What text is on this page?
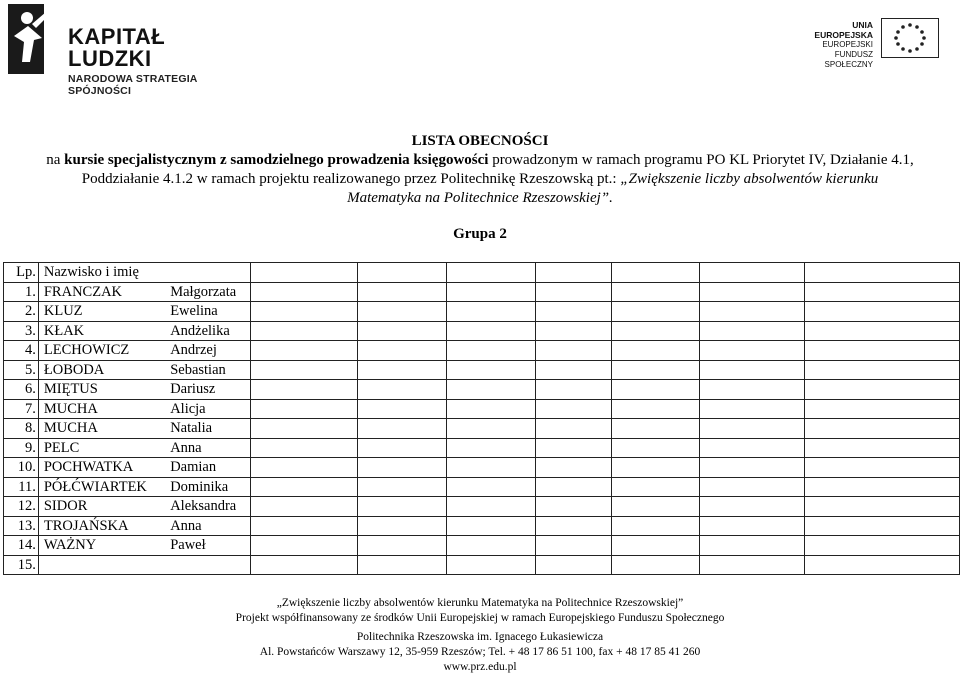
KAPITAŁ LUDZKI
NARODOWA STRATEGIA SPÓJNOŚCI
UNIA EUROPEJSKA
EUROPEJSKI
FUNDUSZ SPOŁECZNY
LISTA OBECNOŚCI
na kursie specjalistycznym z samodzielnego prowadzenia księgowości prowadzonym w ramach programu PO KL Priorytet IV, Działanie 4.1,
Poddziałanie 4.1.2 w ramach projektu realizowanego przez Politechnikę Rzeszowską pt.: „Zwiększenie liczby absolwentów kierunku
Matematyka na Politechnice Rzeszowskiej”.
Grupa 2
Lp.	Nazwisko i imię								
1.	FRANCZAK	Małgorzata							
2.	KLUZ	Ewelina							
3.	KŁAK	Andżelika							
4.	LECHOWICZ	Andrzej							
5.	ŁOBODA	Sebastian							
6.	MIĘTUS	Dariusz							
7.	MUCHA	Alicja							
8.	MUCHA	Natalia							
9.	PELC	Anna							
10.	POCHWATKA	Damian							
11.	PÓŁĆWIARTEK	Dominika							
12.	SIDOR	Aleksandra							
13.	TROJAŃSKA	Anna							
14.	WAŻNY	Paweł							
15.									
„Zwiększenie liczby absolwentów kierunku Matematyka na Politechnice Rzeszowskiej”
Projekt współfinansowany ze środków Unii Europejskiej w ramach Europejskiego Funduszu Społecznego
Politechnika Rzeszowska im. Ignacego Łukasiewicza
Al. Powstańców Warszawy 12, 35-959 Rzeszów; Tel. + 48 17 86 51 100, fax + 48 17 85 41 260
www.prz.edu.pl
